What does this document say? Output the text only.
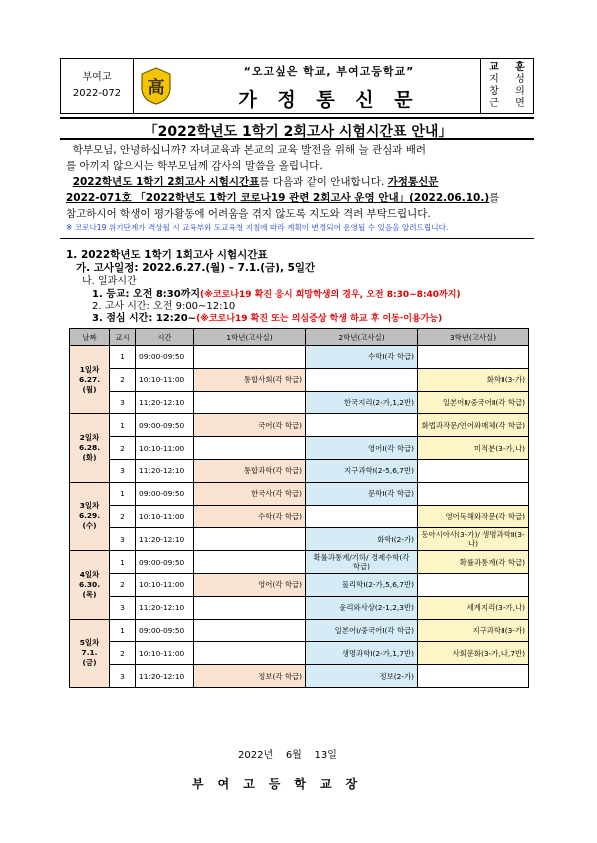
부여고
2022-072 高
“오고싶은 학교, 부여고등학교”
가 정 통 신 문
교
지
창
근
훈
성
의
면
「2022학년도 1학기 2회고사 시험시간표 안내」

학부모님, 안녕하십니까? 자녀교육과 본교의 교육 발전을 위해 늘 관심과 배려

를 아끼지 않으시는 학부모님께 감사의 말씀을 올립니다.

2022학년도 1학기 2회고사 시험시간표를 다음과 같이 안내합니다. 가정통신문

2022-071호 「2022학년도 1학기 코로나19 관련 2회고사 운영 안내」(2022.06.10.)를

참고하시어 학생이 평가활동에 어려움을 겪지 않도록 지도와 격려 부탁드립니다.

※ 코로나19 위기단계가 격상될 시 교육부와 도교육청 지침에 따라 계획이 변경되어 운영될 수 있음을 알려드립니다.
1. 2022학년도 1학기 1회고사 시험시간표
가. 고사일정: 2022.6.27.(월) – 7.1.(금), 5일간
나. 일과시간
1. 등교: 오전 8:30까지(※코로나19 확진 응시 희망학생의 경우, 오전 8:30~8:40까지)
2. 고사 시간: 오전 9:00~12:10
3. 점심 시간: 12:20~(※코로나19 확진 또는 의심증상 학생 하교 후 이동·이용가능)
날짜	교시	시간	1학년(고사실)	2학년(고사실)	3학년(고사실)

1일차
6.27.
(월)	1	09:00-09:50		수학Ⅰ(각 학급)	
	2	10:10-11:00	통합사회(각 학급)		화학Ⅱ(3-가)
	3	11:20-12:10		한국지리(2-가,1,2반)	일본어Ⅱ/중국어Ⅱ(각 학급)

2일차
6.28.
(화)	1	09:00-09:50	국어(각 학급)		화법과작문/언어와매체(각 학급)
	2	10:10-11:00		영어Ⅰ(각 학급)	미적분(3-가,나)
	3	11:20-12:10	통합과학(각 학급)	지구과학Ⅰ(2-5,6,7반)	

3일차
6.29.
(수)	1	09:00-09:50	한국사(각 학급)	문학Ⅰ(각 학급)	
	2	10:10-11:00	수학(각 학급)		영어독해와작문(각 학급)
	3	11:20-12:10		화학Ⅰ(2-가)	동아시아사(3-가)/ 생명과학Ⅱ(3-나)

4일차
6.30.
(목)	1	09:00-09:50		확률과통계/기하/ 경제수학(각 학급)	확률과통계(각 학급)
	2	10:10-11:00	영어(각 학급)	물리학Ⅰ(2-가,5,6,7반)	
	3	11:20-12:10		윤리와사상(2-1,2,3반)	세계지리(3-가,나)

5일차
7.1.
(금)	1	09:00-09:50		일본어Ⅰ/중국어Ⅰ(각 학급)	지구과학Ⅱ(3-가)
	2	10:10-11:00		생명과학Ⅰ(2-가,1,7반)	사회문화(3-가,나,7반)
	3	11:20-12:10	정보(각 학급)	정보(2-가)	
2022년    6월    13일
부여고등학교장
